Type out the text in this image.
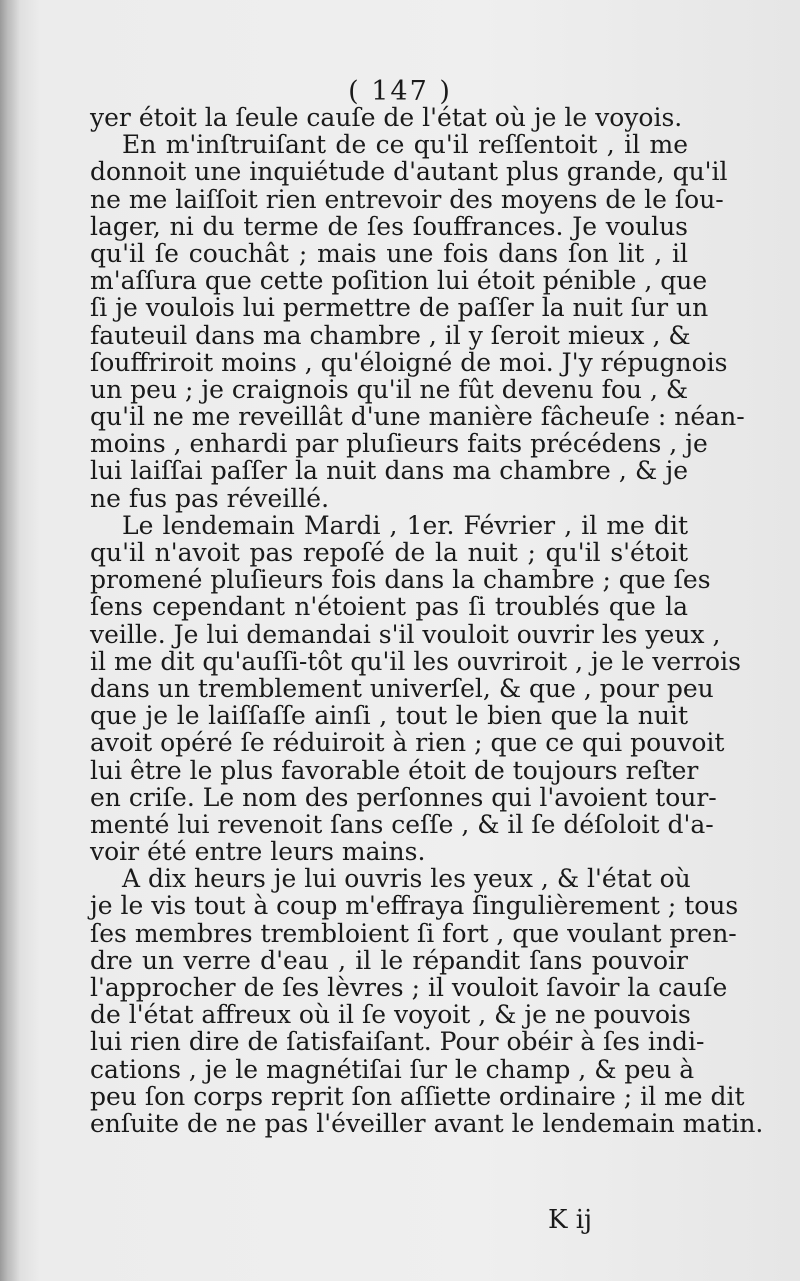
( 147 )
yer étoit la ſeule cauſe de l'état où je le voyois.
En m'inſtruiſant de ce qu'il reſſentoit , il me
donnoit une inquiétude d'autant plus grande, qu'il
ne me laiſſoit rien entrevoir des moyens de le ſou-
lager, ni du terme de ſes ſouffrances. Je voulus
qu'il ſe couchât ; mais une fois dans ſon lit , il
m'aſſura que cette poſition lui étoit pénible , que
ſi je voulois lui permettre de paſſer la nuit ſur un
fauteuil dans ma chambre , il y ſeroit mieux , &
ſouffriroit moins , qu'éloigné de moi. J'y répugnois
un peu ; je craignois qu'il ne fût devenu fou , &
qu'il ne me reveillât d'une manière fâcheuſe : néan-
moins , enhardi par pluſieurs faits précédens , je
lui laiſſai paſſer la nuit dans ma chambre , & je
ne fus pas réveillé.
Le lendemain Mardi , 1er. Février , il me dit
qu'il n'avoit pas repoſé de la nuit ; qu'il s'étoit
promené pluſieurs fois dans la chambre ; que ſes
ſens cependant n'étoient pas ſi troublés que la
veille. Je lui demandai s'il vouloit ouvrir les yeux ,
il me dit qu'auſſi-tôt qu'il les ouvriroit , je le verrois
dans un tremblement univerſel, & que , pour peu
que je le laiſſaſſe ainſi , tout le bien que la nuit
avoit opéré ſe réduiroit à rien ; que ce qui pouvoit
lui être le plus favorable étoit de toujours reſter
en criſe. Le nom des perſonnes qui l'avoient tour-
menté lui revenoit ſans ceſſe , & il ſe déſoloit d'a-
voir été entre leurs mains.
A dix heurs je lui ouvris les yeux , & l'état où
je le vis tout à coup m'effraya ſingulièrement ; tous
ſes membres trembloient ſi fort , que voulant pren-
dre un verre d'eau , il le répandit ſans pouvoir
l'approcher de ſes lèvres ; il vouloit ſavoir la cauſe
de l'état affreux où il ſe voyoit , & je ne pouvois
lui rien dire de ſatisfaiſant. Pour obéir à ſes indi-
cations , je le magnétiſai ſur le champ , & peu à
peu ſon corps reprit ſon aſſiette ordinaire ; il me dit
enſuite de ne pas l'éveiller avant le lendemain matin.
K ij
